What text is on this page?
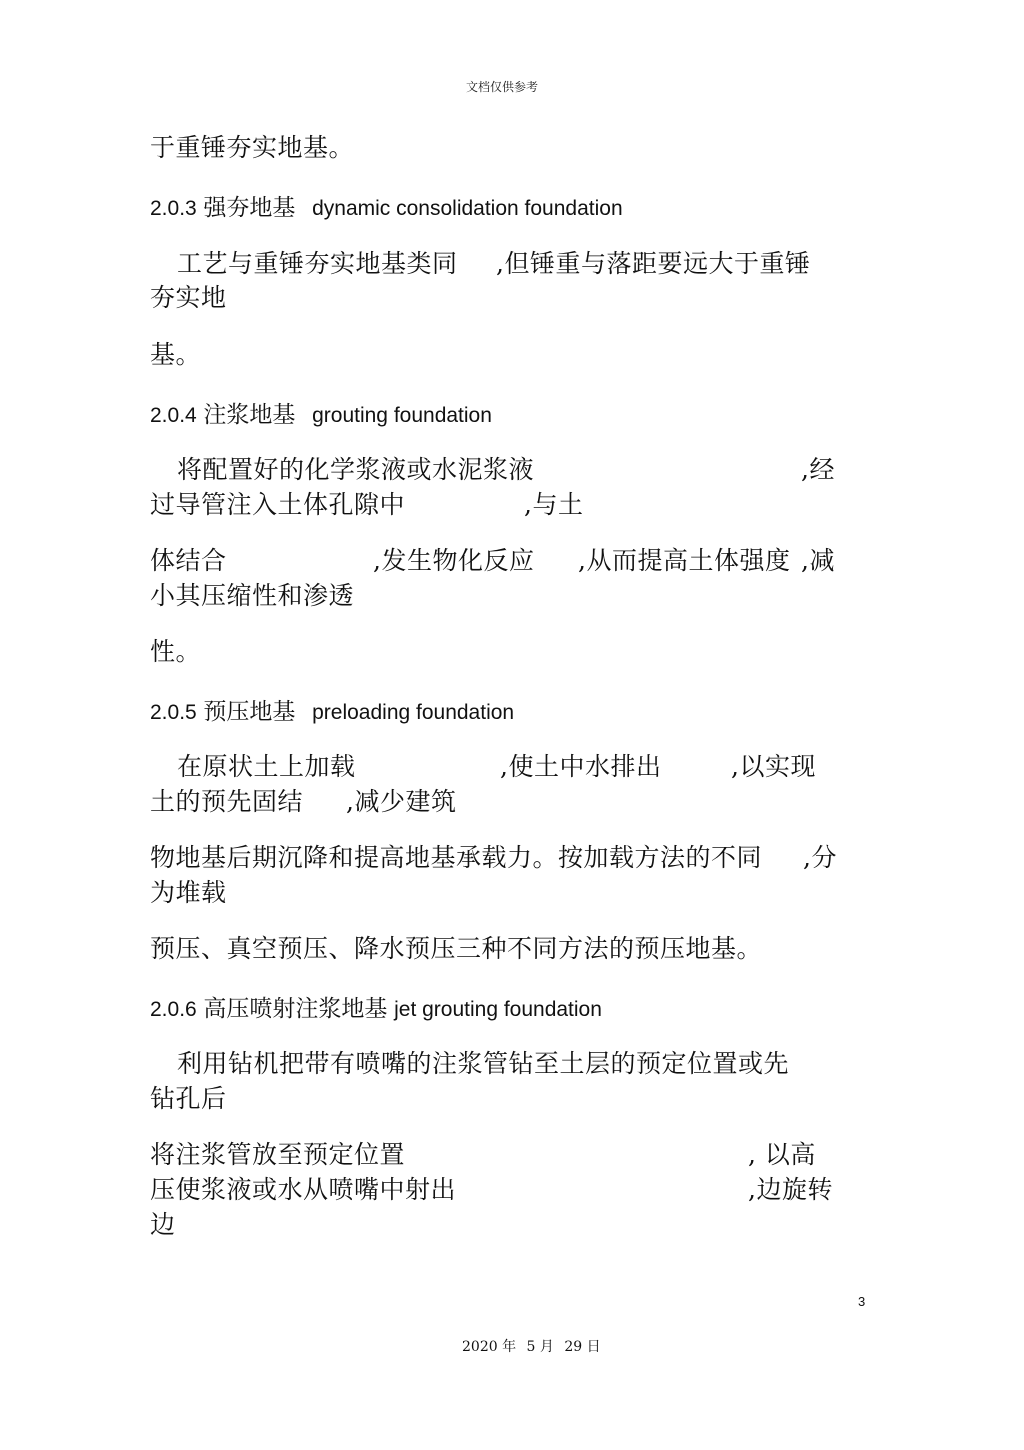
文档仅供参考
于重锤夯实地基。
2.0.3 强夯地基 dynamic consolidation foundation
工艺与重锤夯实地基类同 ,但锤重与落距要远大于重锤
夯实地
基。
2.0.4 注浆地基 grouting foundation
将配置好的化学浆液或水泥浆液	,经
过导管注入土体孔隙中	,与土
体结合	,发生物化反应 ,从而提高土体强度 ,减
小其压缩性和渗透
性。
2.0.5 预压地基 preloading foundation
在原状土上加载	,使土中水排出	,以实现
土的预先固结 ,减少建筑
物地基后期沉降和提高地基承载力。按加载方法的不同 ,分
为堆载
预压、真空预压、降水预压三种不同方法的预压地基。
2.0.6 高压喷射注浆地基 jet grouting foundation
利用钻机把带有喷嘴的注浆管钻至土层的预定位置或先
钻孔后
将注浆管放至预定位置	, 以高
压使浆液或水从喷嘴中射出	,边旋转
边
3
2020 年 5 月 29 日
